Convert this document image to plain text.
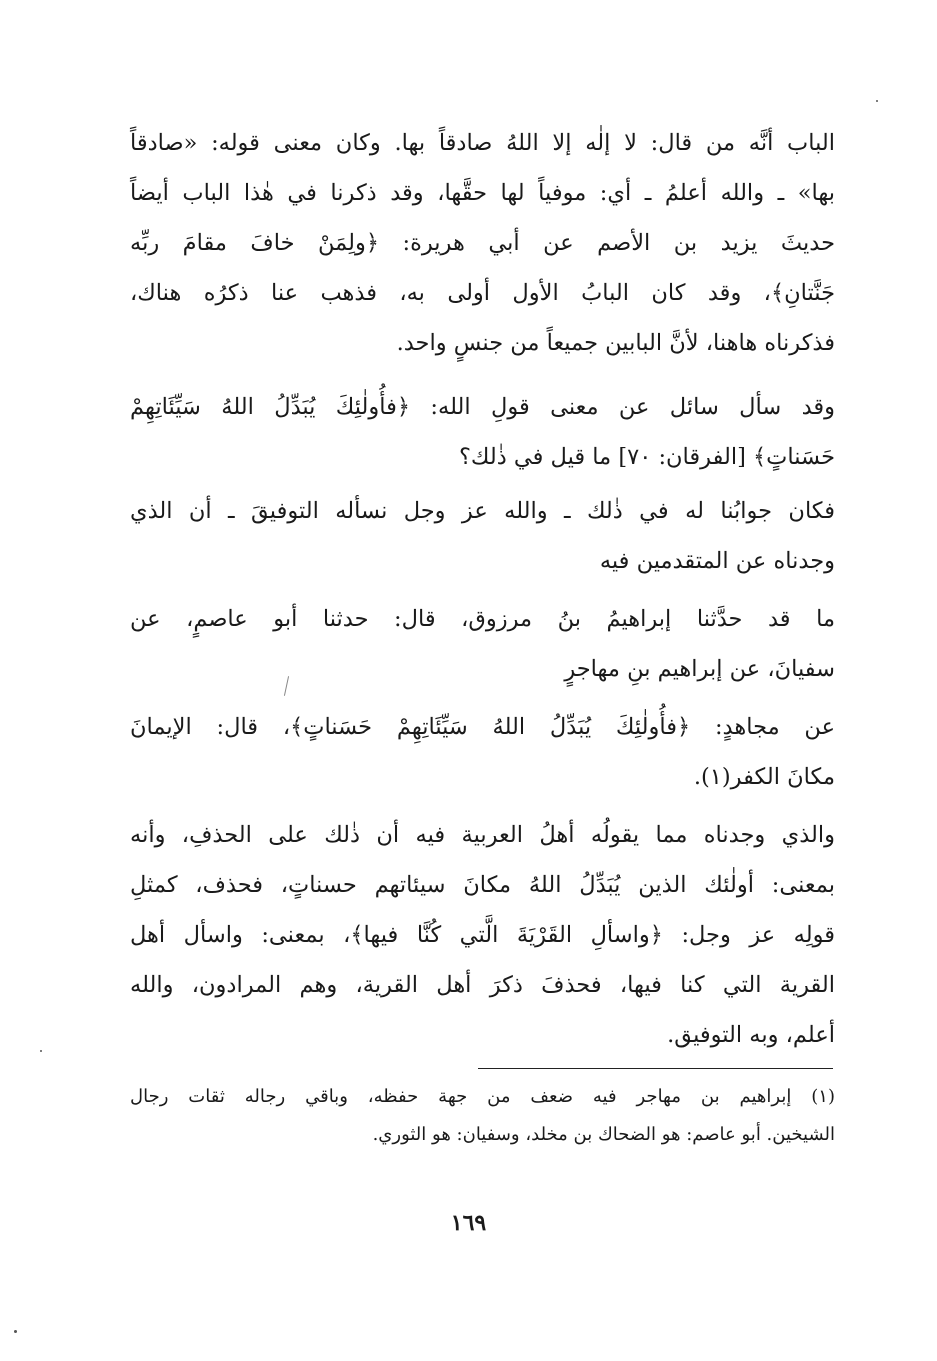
الباب أنَّه من قال: لا إلٰه إلا اللهُ صادقاً بها. وكان معنى قوله: «صادقاً
بها» ـ والله أعلمُ ـ أي: موفياً لها حقَّها، وقد ذكرنا في هٰذا الباب أيضاً
حديثَ يزيد بن الأصم عن أبي هريرة: ﴿ولِمَنْ خافَ مقامَ ربِّه
جَنَّتانِ﴾، وقد كان البابُ الأول أولى به، فذهب عنا ذكرُه هناك،
فذكرناه هاهنا، لأنَّ البابين جميعاً من جنسٍ واحد.
وقد سأل سائل عن معنى قولِ الله: ﴿فأُولٰئِكَ يُبَدِّلُ اللهُ سَيِّئَاتِهِمْ
حَسَناتٍ﴾ [الفرقان: ٧٠] ما قيل في ذٰلك؟
فكان جوابُنا له في ذٰلك ـ والله عز وجل نسأله التوفيقَ ـ أن الذي
وجدناه عن المتقدمين فيه
ما قد حدَّثنا إبراهيمُ بنُ مرزوق، قال: حدثنا أبو عاصمٍ، عن
سفيانَ، عن إبراهيم بنِ مهاجرٍ
عن مجاهدٍ: ﴿فأُولٰئِكَ يُبَدِّلُ اللهُ سَيِّئَاتِهِمْ حَسَناتٍ﴾، قال: الإيمانَ
مكانَ الكفر(١).
والذي وجدناه مما يقولُه أهلُ العربية فيه أن ذٰلك على الحذفِ، وأنه
بمعنى: أولٰئك الذين يُبَدِّلُ اللهُ مكانَ سيئاتهم حسناتٍ، فحذف، كمثلِ
قولِه عز وجل: ﴿واسألِ القَرْيَةَ الَّتي كُنَّا فيها﴾، بمعنى: واسأل أهل
القرية التي كنا فيها، فحذفَ ذكرَ أهل القرية، وهم المرادون، والله
أعلم، وبه التوفيق.
(١) إبراهيم بن مهاجر فيه ضعف من جهة حفظه، وباقي رجاله ثقات رجال
الشيخين. أبو عاصم: هو الضحاك بن مخلد، وسفيان: هو الثوري.
١٦٩
